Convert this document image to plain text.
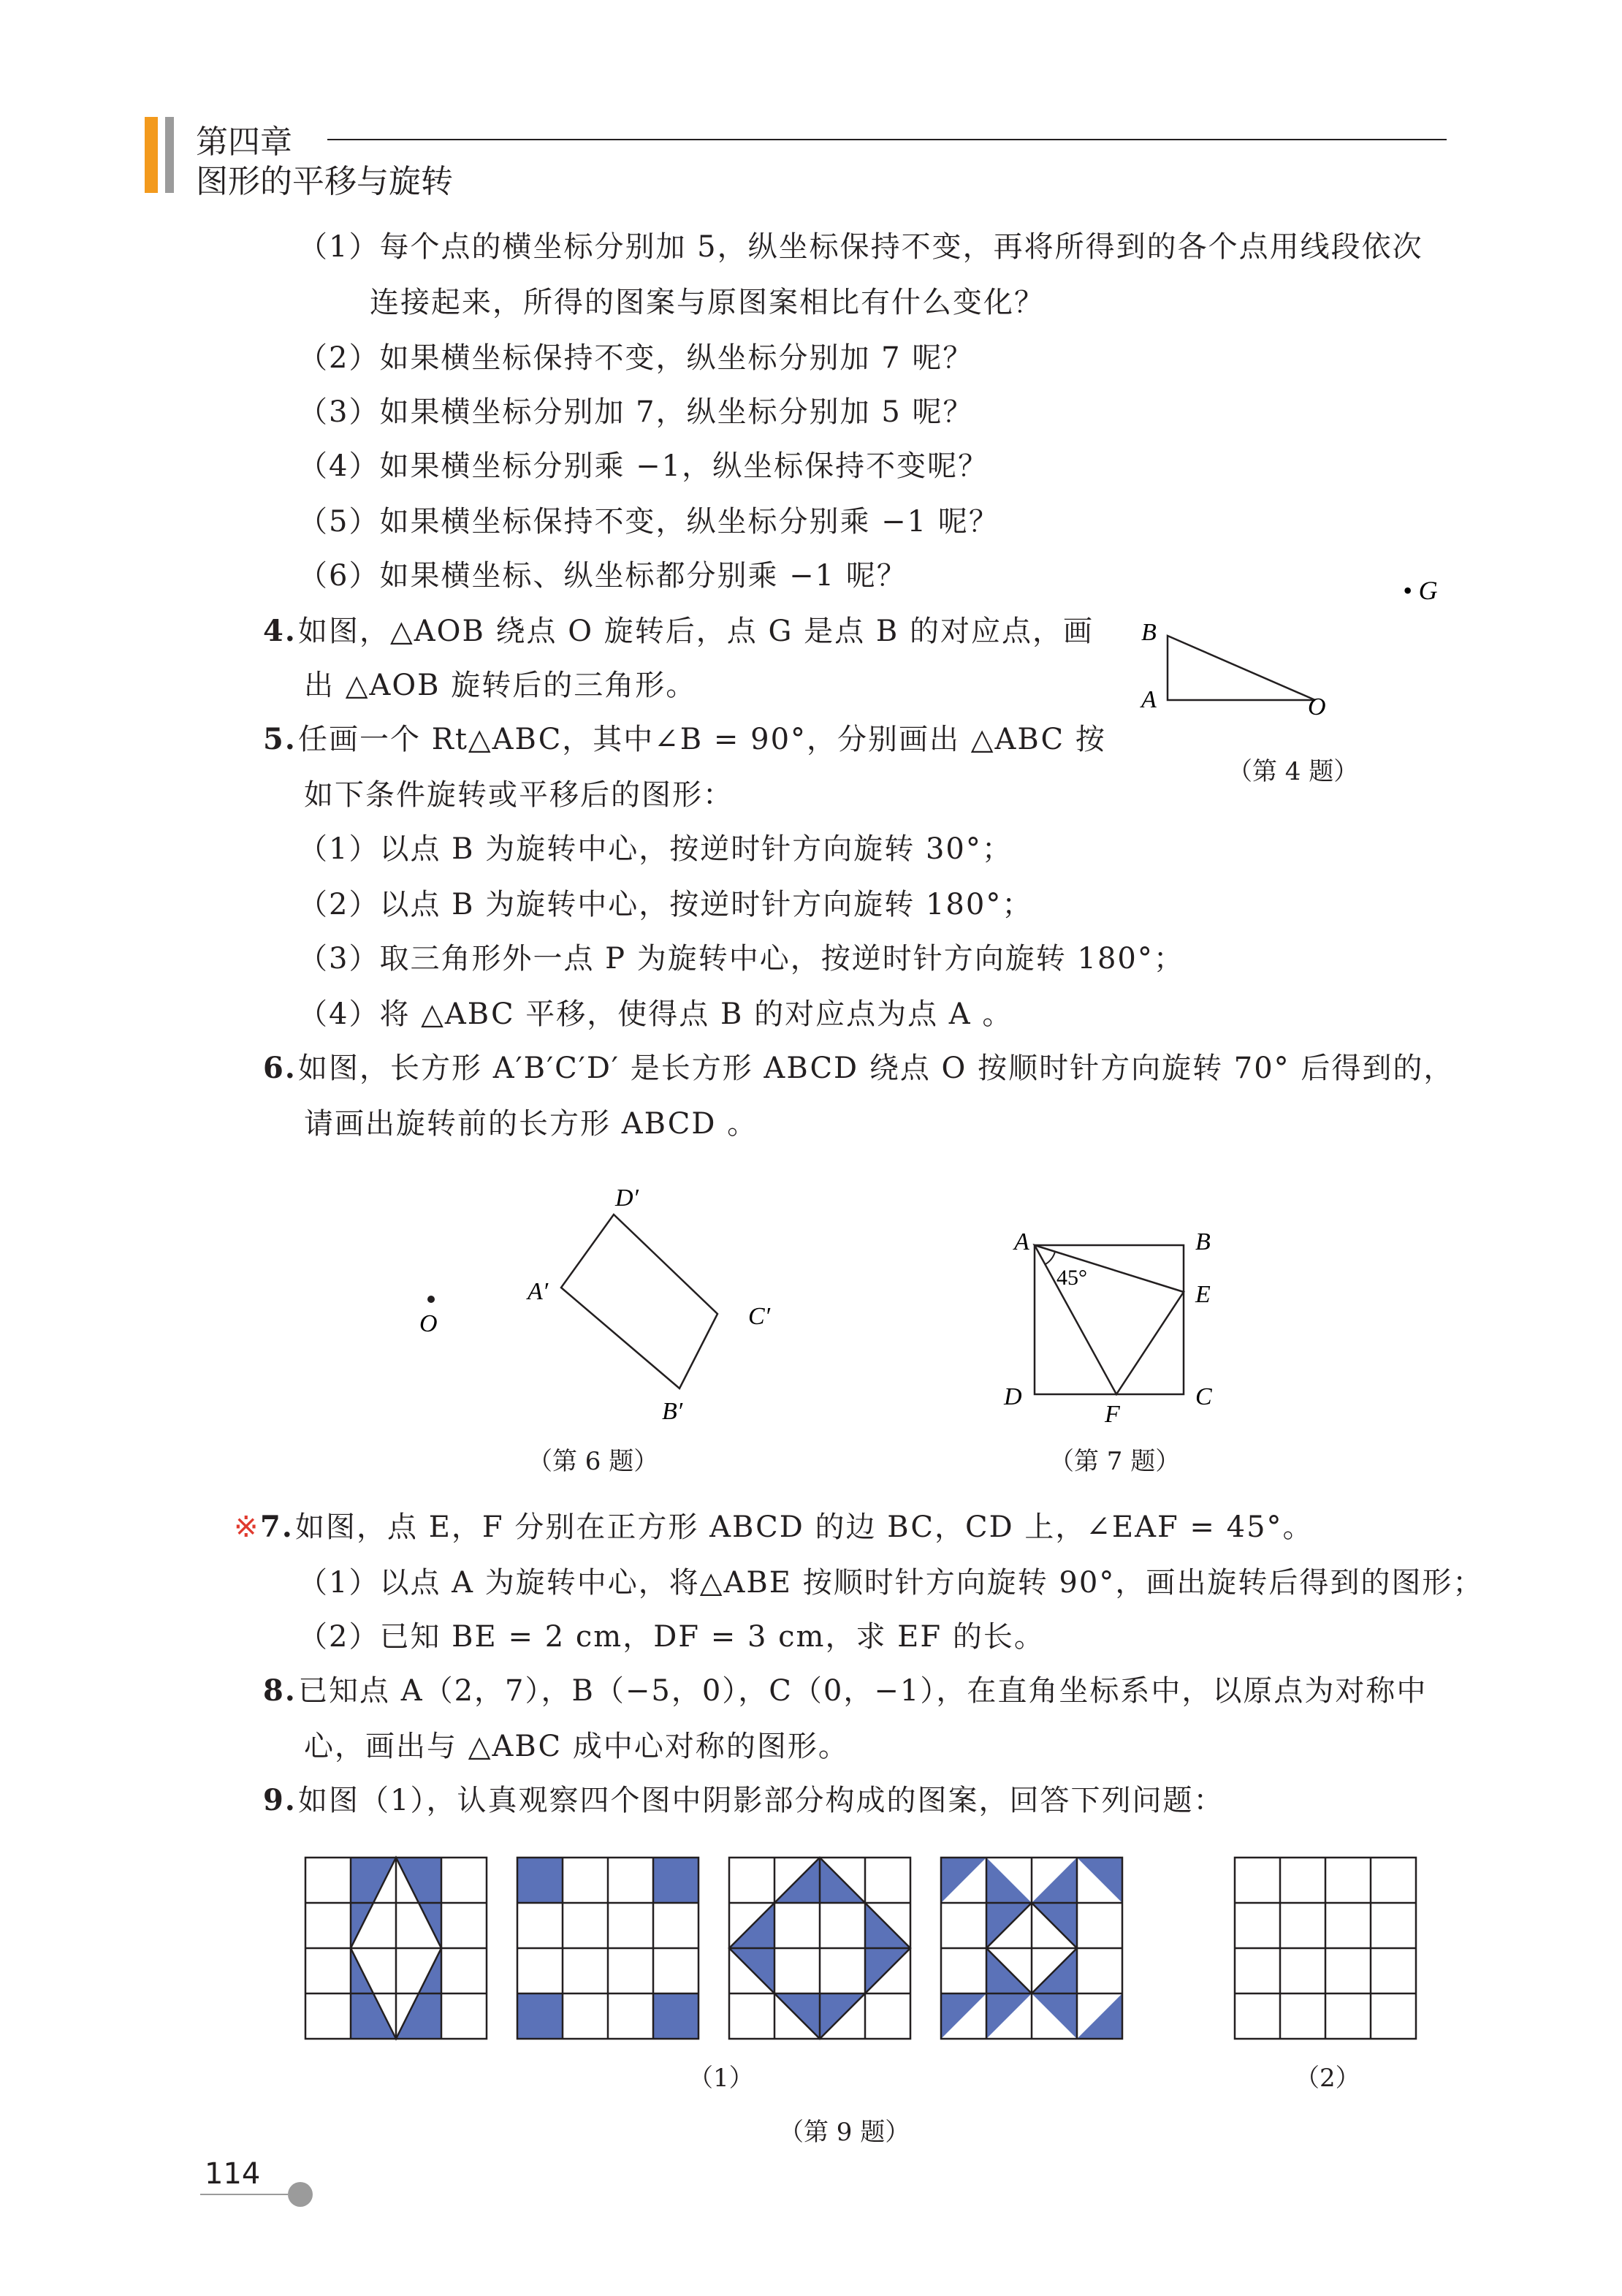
第四章
图形的平移与旋转
（1）每个点的横坐标分别加 5，纵坐标保持不变，再将所得到的各个点用线段依次
连接起来，所得的图案与原图案相比有什么变化？
（2）如果横坐标保持不变，纵坐标分别加 7 呢？
（3）如果横坐标分别加 7，纵坐标分别加 5 呢？
（4）如果横坐标分别乘 −1，纵坐标保持不变呢？
（5）如果横坐标保持不变，纵坐标分别乘 −1 呢？
（6）如果横坐标、纵坐标都分别乘 −1 呢？
4. 如图，△AOB 绕点 O 旋转后，点 G 是点 B 的对应点，画
出 △AOB 旋转后的三角形。
• G
B
A	O
（第 4 题）
5. 任画一个 Rt△ABC，其中∠B = 90°，分别画出 △ABC 按
如下条件旋转或平移后的图形：
（1）以点 B 为旋转中心，按逆时针方向旋转 30°；
（2）以点 B 为旋转中心，按逆时针方向旋转 180°；
（3）取三角形外一点 P 为旋转中心，按逆时针方向旋转 180°；
（4）将 △ABC 平移，使得点 B 的对应点为点 A 。
6. 如图，长方形 A′B′C′D′ 是长方形 ABCD 绕点 O 按顺时针方向旋转 70° 后得到的，
请画出旋转前的长方形 ABCD 。
O
D′
A′
C′
B′
（第 6 题）
45°
A	B
E
C
D
F
（第 7 题）
※ 7. 如图，点 E，F 分别在正方形 ABCD 的边 BC，CD 上，∠EAF = 45°。
（1）以点 A 为旋转中心，将△ABE 按顺时针方向旋转 90°，画出旋转后得到的图形；
（2）已知 BE = 2 cm，DF = 3 cm，求 EF 的长。
8. 已知点 A（2，7），B（−5，0），C（0，−1），在直角坐标系中，以原点为对称中
心，画出与 △ABC 成中心对称的图形。
9. 如图（1），认真观察四个图中阴影部分构成的图案，回答下列问题：
（1）	（2）
（第 9 题）
114
